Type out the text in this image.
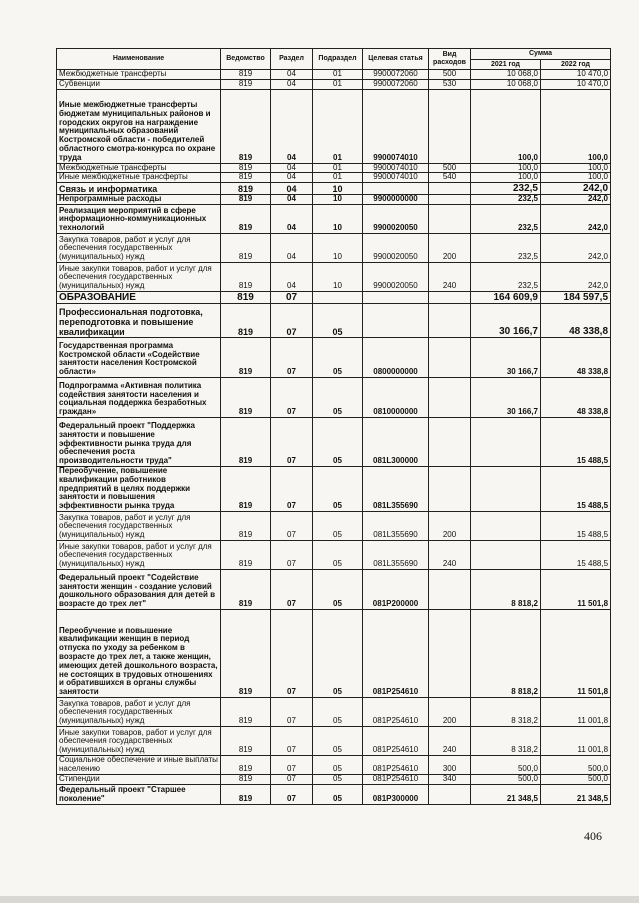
Наименование	Ведомство	Раздел	Подраздел	Целевая статья	Вид расходов	Сумма	
						2021 год	2022 год
Межбюджетные трансферты	819	04	01	9900072060	500	10 068,0	10 470,0
Субвенции	819	04	01	9900072060	530	10 068,0	10 470,0
Иные межбюджетные трансферты бюджетам муниципальных районов и городских округов на награждение муниципальных образований Костромской области - победителей областного смотра-конкурса по охране труда	819	04	01	9900074010		100,0	100,0
Межбюджетные трансферты	819	04	01	9900074010	500	100,0	100,0
Иные межбюджетные трансферты	819	04	01	9900074010	540	100,0	100,0
Связь и информатика	819	04	10			232,5	242,0
Непрограммные расходы	819	04	10	9900000000		232,5	242,0
Реализация мероприятий в сфере информационно-коммуникационных технологий	819	04	10	9900020050		232,5	242,0
Закупка товаров, работ и услуг для обеспечения государственных (муниципальных) нужд	819	04	10	9900020050	200	232,5	242,0
Иные закупки товаров, работ и услуг для обеспечения государственных (муниципальных) нужд	819	04	10	9900020050	240	232,5	242,0
ОБРАЗОВАНИЕ	819	07				164 609,9	184 597,5
Профессиональная подготовка, переподготовка и повышение квалификации	819	07	05			30 166,7	48 338,8
Государственная программа Костромской области «Содействие занятости населения Костромской области»	819	07	05	0800000000		30 166,7	48 338,8
Подпрограмма «Активная политика содействия занятости населения и социальная поддержка безработных граждан»	819	07	05	0810000000		30 166,7	48 338,8
Федеральный проект "Поддержка занятости и повышение эффективности рынка труда для обеспечения роста производительности труда"	819	07	05	081L300000			15 488,5
Переобучение, повышение квалификации работников предприятий в целях поддержки занятости и повышения эффективности рынка труда	819	07	05	081L355690			15 488,5
Закупка товаров, работ и услуг для обеспечения государственных (муниципальных) нужд	819	07	05	081L355690	200		15 488,5
Иные закупки товаров, работ и услуг для обеспечения государственных (муниципальных) нужд	819	07	05	081L355690	240		15 488,5
Федеральный проект "Содействие занятости женщин - создание условий дошкольного образования для детей в возрасте до трех лет"	819	07	05	081P200000		8 818,2	11 501,8
Переобучение и повышение квалификации женщин в период отпуска по уходу за ребенком в возрасте до трех лет, а также женщин, имеющих детей дошкольного возраста, не состоящих в трудовых отношениях и обратившихся в органы службы занятости	819	07	05	081P254610		8 818,2	11 501,8
Закупка товаров, работ и услуг для обеспечения государственных (муниципальных) нужд	819	07	05	081P254610	200	8 318,2	11 001,8
Иные закупки товаров, работ и услуг для обеспечения государственных (муниципальных) нужд	819	07	05	081P254610	240	8 318,2	11 001,8
Социальное обеспечение и иные выплаты населению	819	07	05	081P254610	300	500,0	500,0
Стипендии	819	07	05	081P254610	340	500,0	500,0
Федеральный проект "Старшее поколение"	819	07	05	081P300000		21 348,5	21 348,5
406
